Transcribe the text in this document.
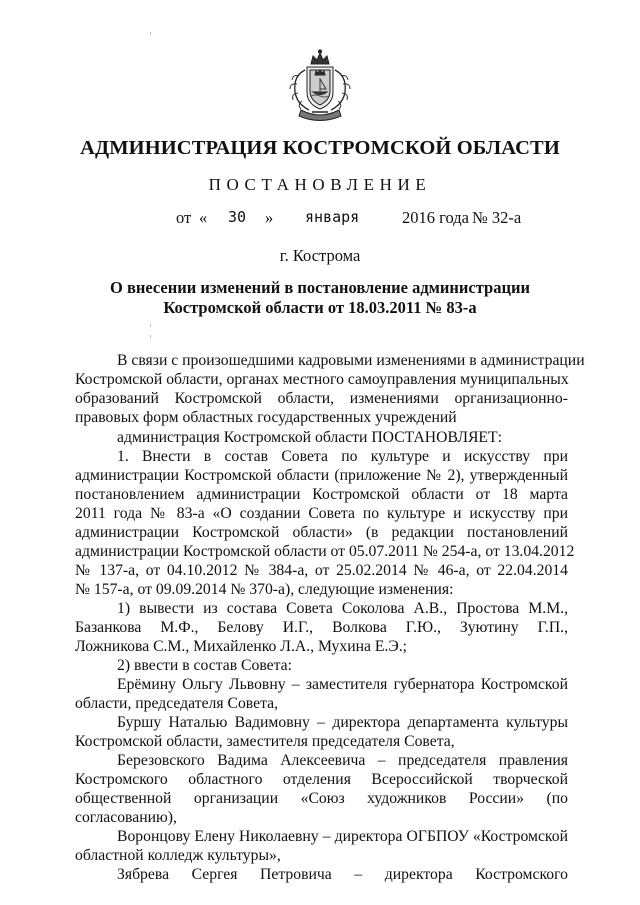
АДМИНИСТРАЦИЯ КОСТРОМСКОЙ ОБЛАСТИ
ПОСТАНОВЛЕНИЕ
от « 30 » января	2016 года № 32-а
г. Кострома
О внесении изменений в постановление администрации
Костромской области от 18.03.2011 № 83-а
В связи с произошедшими кадровыми изменениями в администрации
Костромской области, органах местного самоуправления муниципальных
образований Костромской области, изменениями организационно-
правовых форм областных государственных учреждений
администрация Костромской области ПОСТАНОВЛЯЕТ:
1. Внести в состав Совета по культуре и искусству при
администрации Костромской области (приложение № 2), утвержденный
постановлением администрации Костромской области от 18 марта
2011 года № 83-а «О создании Совета по культуре и искусству при
администрации Костромской области» (в редакции постановлений
администрации Костромской области от 05.07.2011 № 254-а, от 13.04.2012
№ 137-а, от 04.10.2012 № 384-а, от 25.02.2014 № 46-а, от 22.04.2014
№ 157-а, от 09.09.2014 № 370-а), следующие изменения:
1) вывести из состава Совета Соколова А.В., Простова М.М.,
Базанкова М.Ф., Белову И.Г., Волкова Г.Ю., Зуютину Г.П.,
Ложникова С.М., Михайленко Л.А., Мухина Е.Э.;
2) ввести в состав Совета:
Ерёмину Ольгу Львовну – заместителя губернатора Костромской
области, председателя Совета,
Буршу Наталью Вадимовну – директора департамента культуры
Костромской области, заместителя председателя Совета,
Березовского Вадима Алексеевича – председателя правления
Костромского областного отделения Всероссийской творческой
общественной организации «Союз художников России» (по
согласованию),
Воронцову Елену Николаевну – директора ОГБПОУ «Костромской
областной колледж культуры»,
Зябрева Сергея Петровича – директора Костромского
